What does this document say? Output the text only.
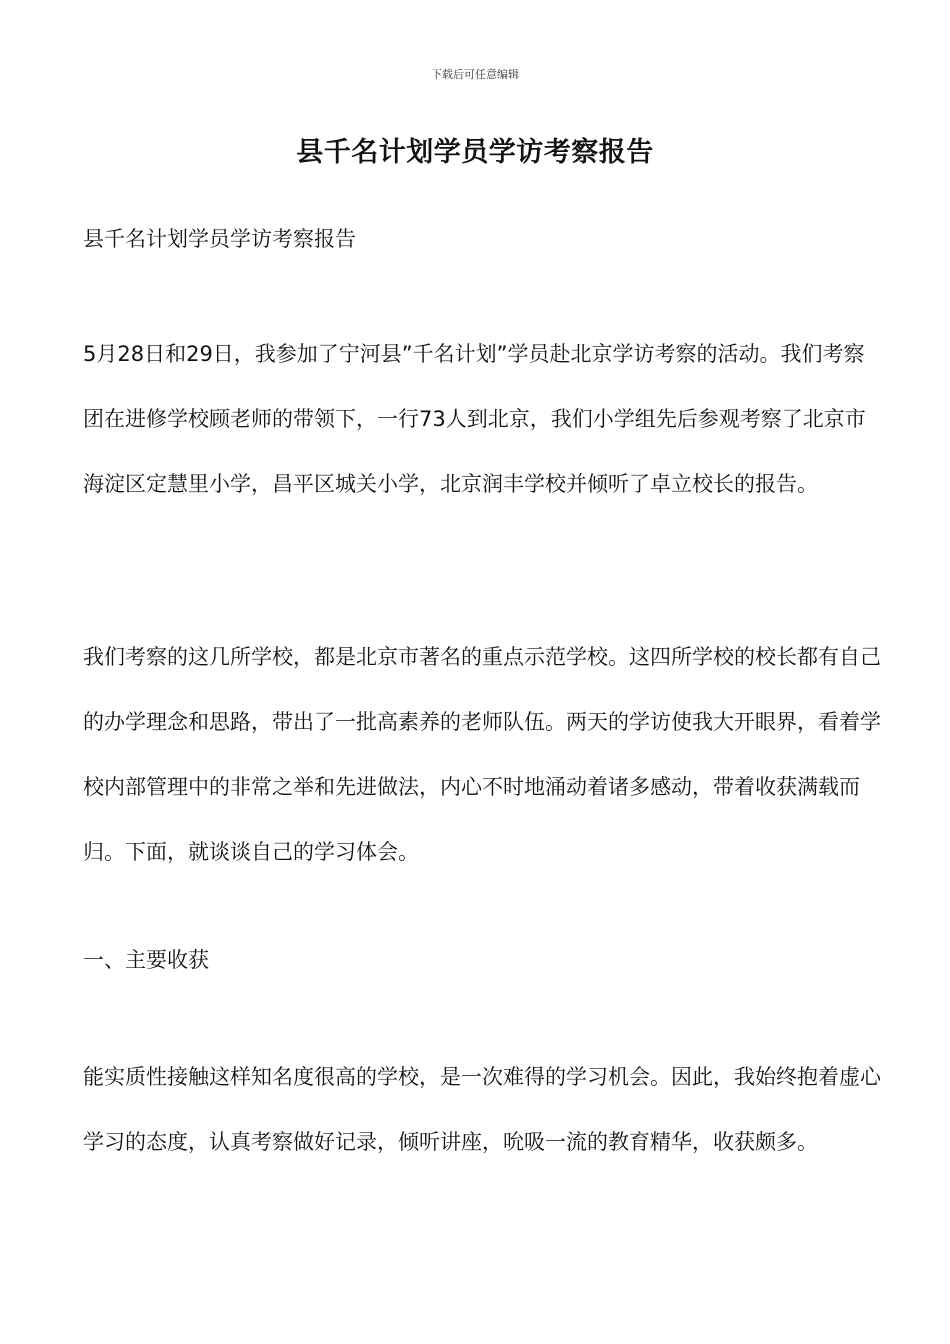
下载后可任意编辑
县千名计划学员学访考察报告

县千名计划学员学访考察报告

5月28日和29日，我参加了宁河县”千名计划”学员赴北京学访考察的活动。我们考察团在进修学校顾老师的带领下，一行73人到北京，我们小学组先后参观考察了北京市海淀区定慧里小学，昌平区城关小学，北京润丰学校并倾听了卓立校长的报告。

我们考察的这几所学校，都是北京市著名的重点示范学校。这四所学校的校长都有自己的办学理念和思路，带出了一批高素养的老师队伍。两天的学访使我大开眼界，看着学校内部管理中的非常之举和先进做法，内心不时地涌动着诸多感动，带着收获满载而归。下面，就谈谈自己的学习体会。

一、主要收获

能实质性接触这样知名度很高的学校，是一次难得的学习机会。因此，我始终抱着虚心学习的态度，认真考察做好记录，倾听讲座，吮吸一流的教育精华，收获颇多。
